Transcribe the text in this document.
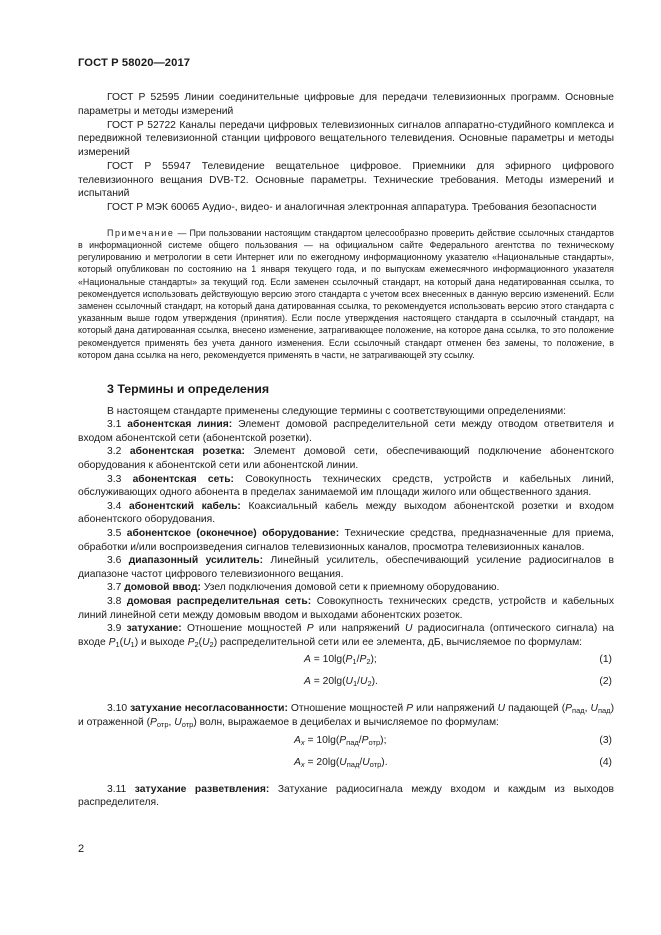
ГОСТ Р 58020—2017

ГОСТ Р 52595 Линии соединительные цифровые для передачи телевизионных программ. Основные параметры и методы измерений

ГОСТ Р 52722 Каналы передачи цифровых телевизионных сигналов аппаратно-студийного комплекса и передвижной телевизионной станции цифрового вещательного телевидения. Основные параметры и методы измерений

ГОСТ Р 55947 Телевидение вещательное цифровое. Приемники для эфирного цифрового телевизионного вещания DVB-T2. Основные параметры. Технические требования. Методы измерений и испытаний

ГОСТ Р МЭК 60065 Аудио-, видео- и аналогичная электронная аппаратура. Требования безопасности

Примечание — При пользовании настоящим стандартом целесообразно проверить действие ссылочных стандартов в информационной системе общего пользования — на официальном сайте Федерального агентства по техническому регулированию и метрологии в сети Интернет или по ежегодному информационному указателю «Национальные стандарты», который опубликован по состоянию на 1 января текущего года, и по выпускам ежемесячного информационного указателя «Национальные стандарты» за текущий год. Если заменен ссылочный стандарт, на который дана недатированная ссылка, то рекомендуется использовать действующую версию этого стандарта с учетом всех внесенных в данную версию изменений. Если заменен ссылочный стандарт, на который дана датированная ссылка, то рекомендуется использовать версию этого стандарта с указанным выше годом утверждения (принятия). Если после утверждения настоящего стандарта в ссылочный стандарт, на который дана датированная ссылка, внесено изменение, затрагивающее положение, на которое дана ссылка, то это положение рекомендуется применять без учета данного изменения. Если ссылочный стандарт отменен без замены, то положение, в котором дана ссылка на него, рекомендуется применять в части, не затрагивающей эту ссылку.

3 Термины и определения

В настоящем стандарте применены следующие термины с соответствующими определениями:

3.1 абонентская линия: Элемент домовой распределительной сети между отводом ответвителя и входом абонентской сети (абонентской розетки).

3.2 абонентская розетка: Элемент домовой сети, обеспечивающий подключение абонентского оборудования к абонентской сети или абонентской линии.

3.3 абонентская сеть: Совокупность технических средств, устройств и кабельных линий, обслуживающих одного абонента в пределах занимаемой им площади жилого или общественного здания.

3.4 абонентский кабель: Коаксиальный кабель между выходом абонентской розетки и входом абонентского оборудования.

3.5 абонентское (оконечное) оборудование: Технические средства, предназначенные для приема, обработки и/или воспроизведения сигналов телевизионных каналов, просмотра телевизионных каналов.

3.6 диапазонный усилитель: Линейный усилитель, обеспечивающий усиление радиосигналов в диапазоне частот цифрового телевизионного вещания.

3.7 домовой ввод: Узел подключения домовой сети к приемному оборудованию.

3.8 домовая распределительная сеть: Совокупность технических средств, устройств и кабельных линий линейной сети между домовым вводом и выходами абонентских розеток.

3.9 затухание: Отношение мощностей P или напряжений U радиосигнала (оптического сигнала) на входе $P_1(U_1)$ и выходе $P_2(U_2)$ распределительной сети или ее элемента, дБ, вычисляемое по формулам:

$A = 10\lg(P_1/P_2)$;	(1)
$A = 20\lg(U_1/U_2)$.	(2)

3.10 затухание несогласованности: Отношение мощностей P или напряжений U падающей ($P_{пад}$, $U_{пад}$) и отраженной ($P_{отр}$, $U_{отр}$) волн, выражаемое в децибелах и вычисляемое по формулам:

$A_x = 10\lg(P_{пад}/P_{отр})$;	(3)
$A_x = 20\lg(U_{пад}/U_{отр})$.	(4)

3.11 затухание разветвления: Затухание радиосигнала между входом и каждым из выходов распределителя.

2
